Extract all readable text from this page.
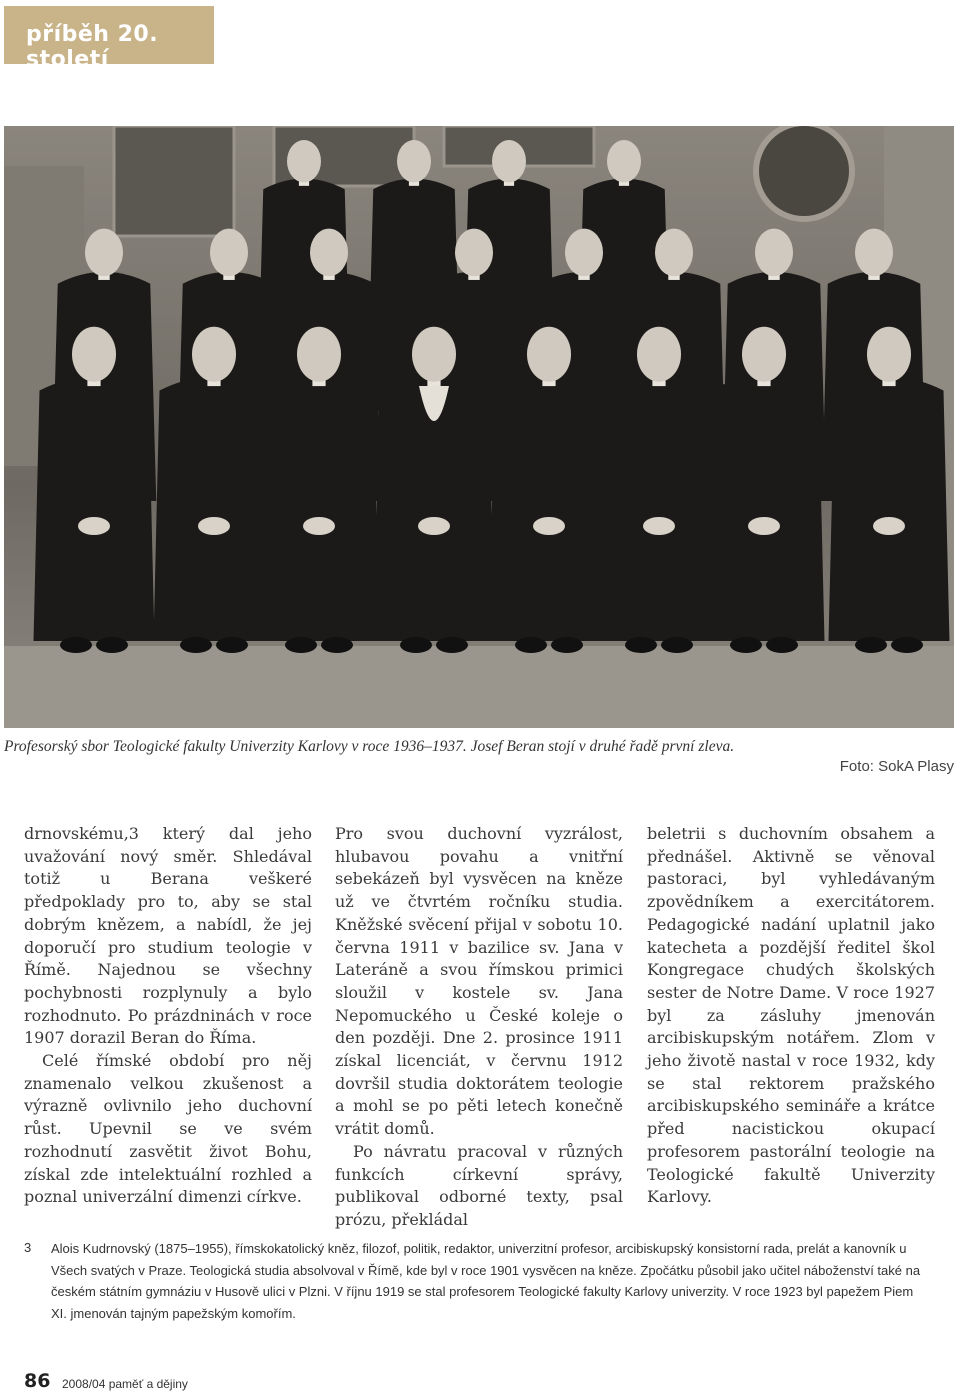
příběh 20. století
Profesorský sbor Teologické fakulty Univerzity Karlovy v roce 1936–1937. Josef Beran stojí v druhé řadě první zleva.
Foto: SokA Plasy

drnovskému,3 který dal jeho uvažování nový směr. Shledával totiž u Berana veškeré předpoklady pro to, aby se stal dobrým knězem, a nabídl, že jej doporučí pro studium teologie v Římě. Najednou se všechny pochybnosti rozplynuly a bylo rozhodnuto. Po prázdninách v roce 1907 dorazil Beran do Říma.

Celé římské období pro něj znamenalo velkou zkušenost a výrazně ovlivnilo jeho duchovní růst. Upevnil se ve svém rozhodnutí zasvětit život Bohu, získal zde intelektuální rozhled a poznal univerzální dimenzi církve.

Pro svou duchovní vyzrálost, hlubavou povahu a vnitřní sebekázeň byl vysvěcen na kněze už ve čtvrtém ročníku studia. Kněžské svěcení přijal v sobotu 10. června 1911 v bazilice sv. Jana v Lateráně a svou římskou primici sloužil v kostele sv. Jana Nepomuckého u České koleje o den později. Dne 2. prosince 1911 získal licenciát, v červnu 1912 dovršil studia doktorátem teologie a mohl se po pěti letech konečně vrátit domů.

Po návratu pracoval v různých funkcích církevní správy, publikoval odborné texty, psal prózu, překládal

beletrii s duchovním obsahem a přednášel. Aktivně se věnoval pastoraci, byl vyhledávaným zpovědníkem a exercitátorem. Pedagogické nadání uplatnil jako katecheta a pozdější ředitel škol Kongregace chudých školských sester de Notre Dame. V roce 1927 byl za zásluhy jmenován arcibiskupským notářem. Zlom v jeho životě nastal v roce 1932, kdy se stal rektorem pražského arcibiskupského semináře a krátce před nacistickou okupací profesorem pastorální teologie na Teologické fakultě Univerzity Karlovy.

3 Alois Kudrnovský (1875–1955), římskokatolický kněz, filozof, politik, redaktor, univerzitní profesor, arcibiskupský konsistorní rada, prelát a kanovník u Všech svatých v Praze. Teologická studia absolvoval v Římě, kde byl v roce 1901 vysvěcen na kněze. Zpočátku působil jako učitel náboženství také na českém státním gymnáziu v Husově ulici v Plzni. V říjnu 1919 se stal profesorem Teologické fakulty Karlovy univerzity. V roce 1923 byl papežem Piem XI. jmenován tajným papežským komořím.

86 2008/04 paměť a dějiny
